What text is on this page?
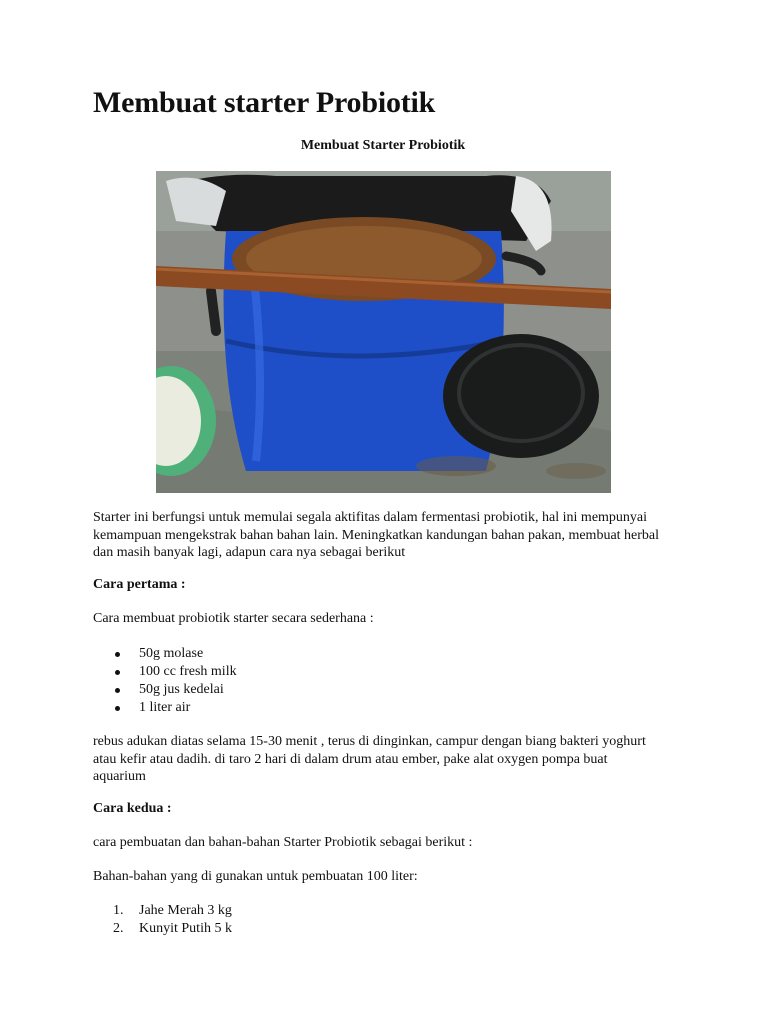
Membuat starter Probiotik

Membuat Starter Probiotik

Starter ini berfungsi untuk memulai segala aktifitas dalam fermentasi probiotik, hal ini mempunyai kemampuan mengekstrak bahan bahan lain. Meningkatkan kandungan bahan pakan, membuat herbal dan masih banyak lagi, adapun cara nya sebagai berikut

Cara pertama :

Cara membuat probiotik starter secara sederhana :

50g molase
100 cc fresh milk
50g jus kedelai
1 liter air

rebus adukan diatas selama 15-30 menit , terus di dinginkan, campur dengan biang bakteri yoghurt atau kefir atau dadih. di taro 2 hari di dalam drum atau ember, pake alat oxygen pompa buat aquarium

Cara kedua :

cara pembuatan dan bahan-bahan Starter Probiotik sebagai berikut :

Bahan-bahan yang di gunakan untuk pembuatan 100 liter:

1. Jahe Merah 3 kg
2. Kunyit Putih 5 k
